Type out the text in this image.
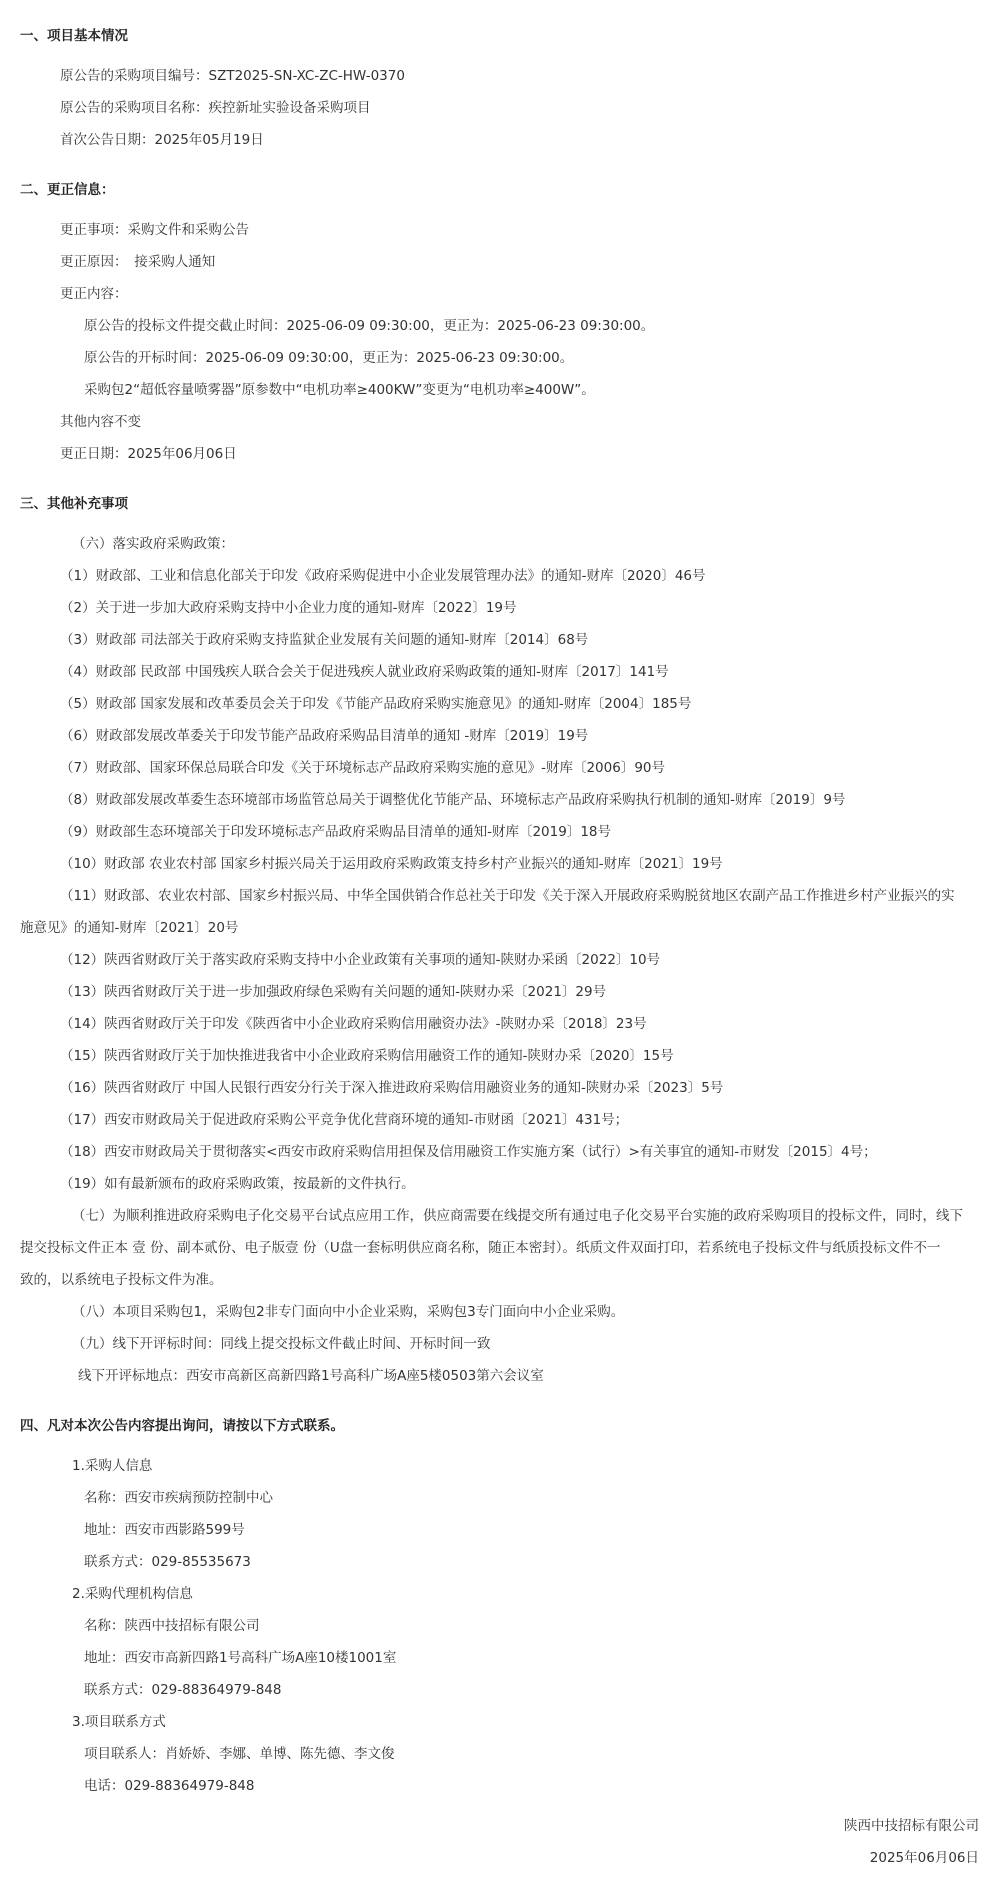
一、项目基本情况
原公告的采购项目编号：SZT2025-SN-XC-ZC-HW-0370
原公告的采购项目名称：疾控新址实验设备采购项目
首次公告日期：2025年05月19日
二、更正信息：
更正事项：采购文件和采购公告
更正原因：　接采购人通知
更正内容：
原公告的投标文件提交截止时间：2025-06-09 09:30:00，更正为：2025-06-23 09:30:00。
原公告的开标时间：2025-06-09 09:30:00，更正为：2025-06-23 09:30:00。
采购包2“超低容量喷雾器”原参数中“电机功率≥400KW”变更为“电机功率≥400W”。
其他内容不变
更正日期：2025年06月06日
三、其他补充事项
（六）落实政府采购政策：
（1）财政部、工业和信息化部关于印发《政府采购促进中小企业发展管理办法》的通知-财库〔2020〕46号
（2）关于进一步加大政府采购支持中小企业力度的通知-财库〔2022〕19号
（3）财政部 司法部关于政府采购支持监狱企业发展有关问题的通知-财库〔2014〕68号
（4）财政部 民政部 中国残疾人联合会关于促进残疾人就业政府采购政策的通知-财库〔2017〕141号
（5）财政部 国家发展和改革委员会关于印发《节能产品政府采购实施意见》的通知-财库〔2004〕185号
（6）财政部发展改革委关于印发节能产品政府采购品目清单的通知 -财库〔2019〕19号
（7）财政部、国家环保总局联合印发《关于环境标志产品政府采购实施的意见》-财库〔2006〕90号
（8）财政部发展改革委生态环境部市场监管总局关于调整优化节能产品、环境标志产品政府采购执行机制的通知-财库〔2019〕9号
（9）财政部生态环境部关于印发环境标志产品政府采购品目清单的通知-财库〔2019〕18号
（10）财政部 农业农村部 国家乡村振兴局关于运用政府采购政策支持乡村产业振兴的通知-财库〔2021〕19号
（11）财政部、农业农村部、国家乡村振兴局、中华全国供销合作总社关于印发《关于深入开展政府采购脱贫地区农副产品工作推进乡村产业振兴的实
施意见》的通知-财库〔2021〕20号
（12）陕西省财政厅关于落实政府采购支持中小企业政策有关事项的通知-陕财办采函〔2022〕10号
（13）陕西省财政厅关于进一步加强政府绿色采购有关问题的通知-陕财办采〔2021〕29号
（14）陕西省财政厅关于印发《陕西省中小企业政府采购信用融资办法》-陕财办采〔2018〕23号
（15）陕西省财政厅关于加快推进我省中小企业政府采购信用融资工作的通知-陕财办采〔2020〕15号
（16）陕西省财政厅 中国人民银行西安分行关于深入推进政府采购信用融资业务的通知-陕财办采〔2023〕5号
（17）西安市财政局关于促进政府采购公平竞争优化营商环境的通知-市财函〔2021〕431号；
（18）西安市财政局关于贯彻落实<西安市政府采购信用担保及信用融资工作实施方案（试行）>有关事宜的通知-市财发〔2015〕4号；
（19）如有最新颁布的政府采购政策，按最新的文件执行。
（七）为顺利推进政府采购电子化交易平台试点应用工作，供应商需要在线提交所有通过电子化交易平台实施的政府采购项目的投标文件，同时，线下
提交投标文件正本 壹 份、副本贰份、电子版壹 份（U盘一套标明供应商名称，随正本密封）。纸质文件双面打印，若系统电子投标文件与纸质投标文件不一
致的，以系统电子投标文件为准。
（八）本项目采购包1，采购包2非专门面向中小企业采购，采购包3专门面向中小企业采购。
（九）线下开评标时间：同线上提交投标文件截止时间、开标时间一致
线下开评标地点：西安市高新区高新四路1号高科广场A座5楼0503第六会议室
四、凡对本次公告内容提出询问，请按以下方式联系。
1.采购人信息
名称：西安市疾病预防控制中心
地址：西安市西影路599号
联系方式：029-85535673
2.采购代理机构信息
名称：陕西中技招标有限公司
地址：西安市高新四路1号高科广场A座10楼1001室
联系方式：029-88364979-848
3.项目联系方式
项目联系人：肖娇娇、李娜、单博、陈先德、李文俊
电话：029-88364979-848
陕西中技招标有限公司
2025年06月06日
